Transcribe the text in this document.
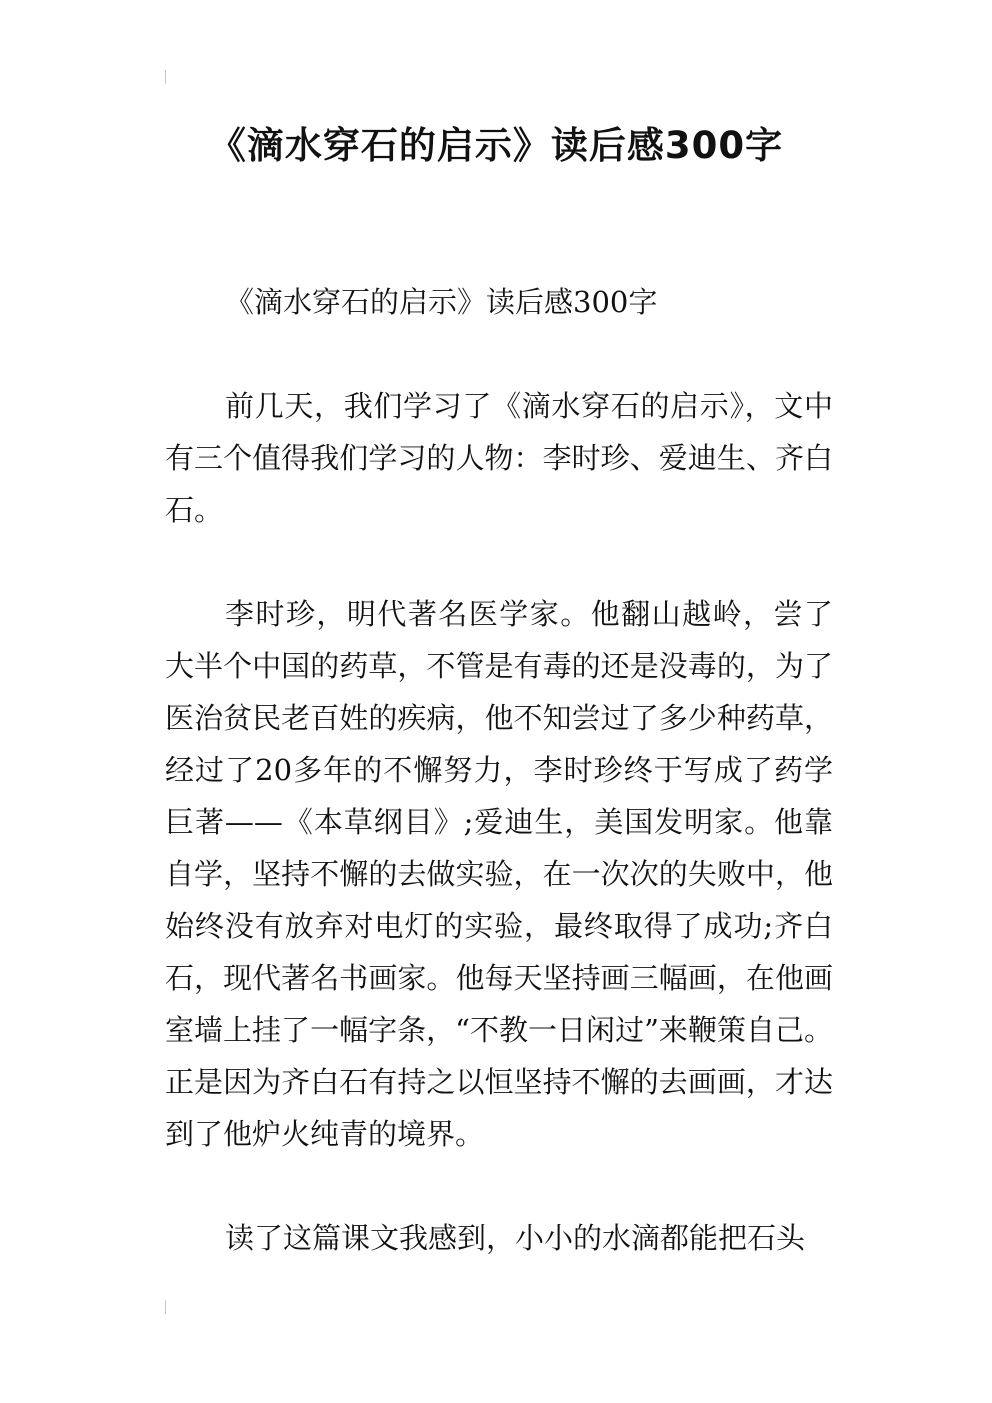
《滴水穿石的启示》读后感300字

《滴水穿石的启示》读后感300字

前几天，我们学习了《滴水穿石的启示》，文中有三个值得我们学习的人物：李时珍、爱迪生、齐白石。

李时珍，明代著名医学家。他翻山越岭，尝了大半个中国的药草，不管是有毒的还是没毒的，为了医治贫民老百姓的疾病，他不知尝过了多少种药草，经过了20多年的不懈努力，李时珍终于写成了药学巨著——《本草纲目》;爱迪生，美国发明家。他靠自学，坚持不懈的去做实验，在一次次的失败中，他始终没有放弃对电灯的实验，最终取得了成功;齐白石，现代著名书画家。他每天坚持画三幅画，在他画室墙上挂了一幅字条，“不教一日闲过”来鞭策自己。正是因为齐白石有持之以恒坚持不懈的去画画，才达到了他炉火纯青的境界。

读了这篇课文我感到，小小的水滴都能把石头
